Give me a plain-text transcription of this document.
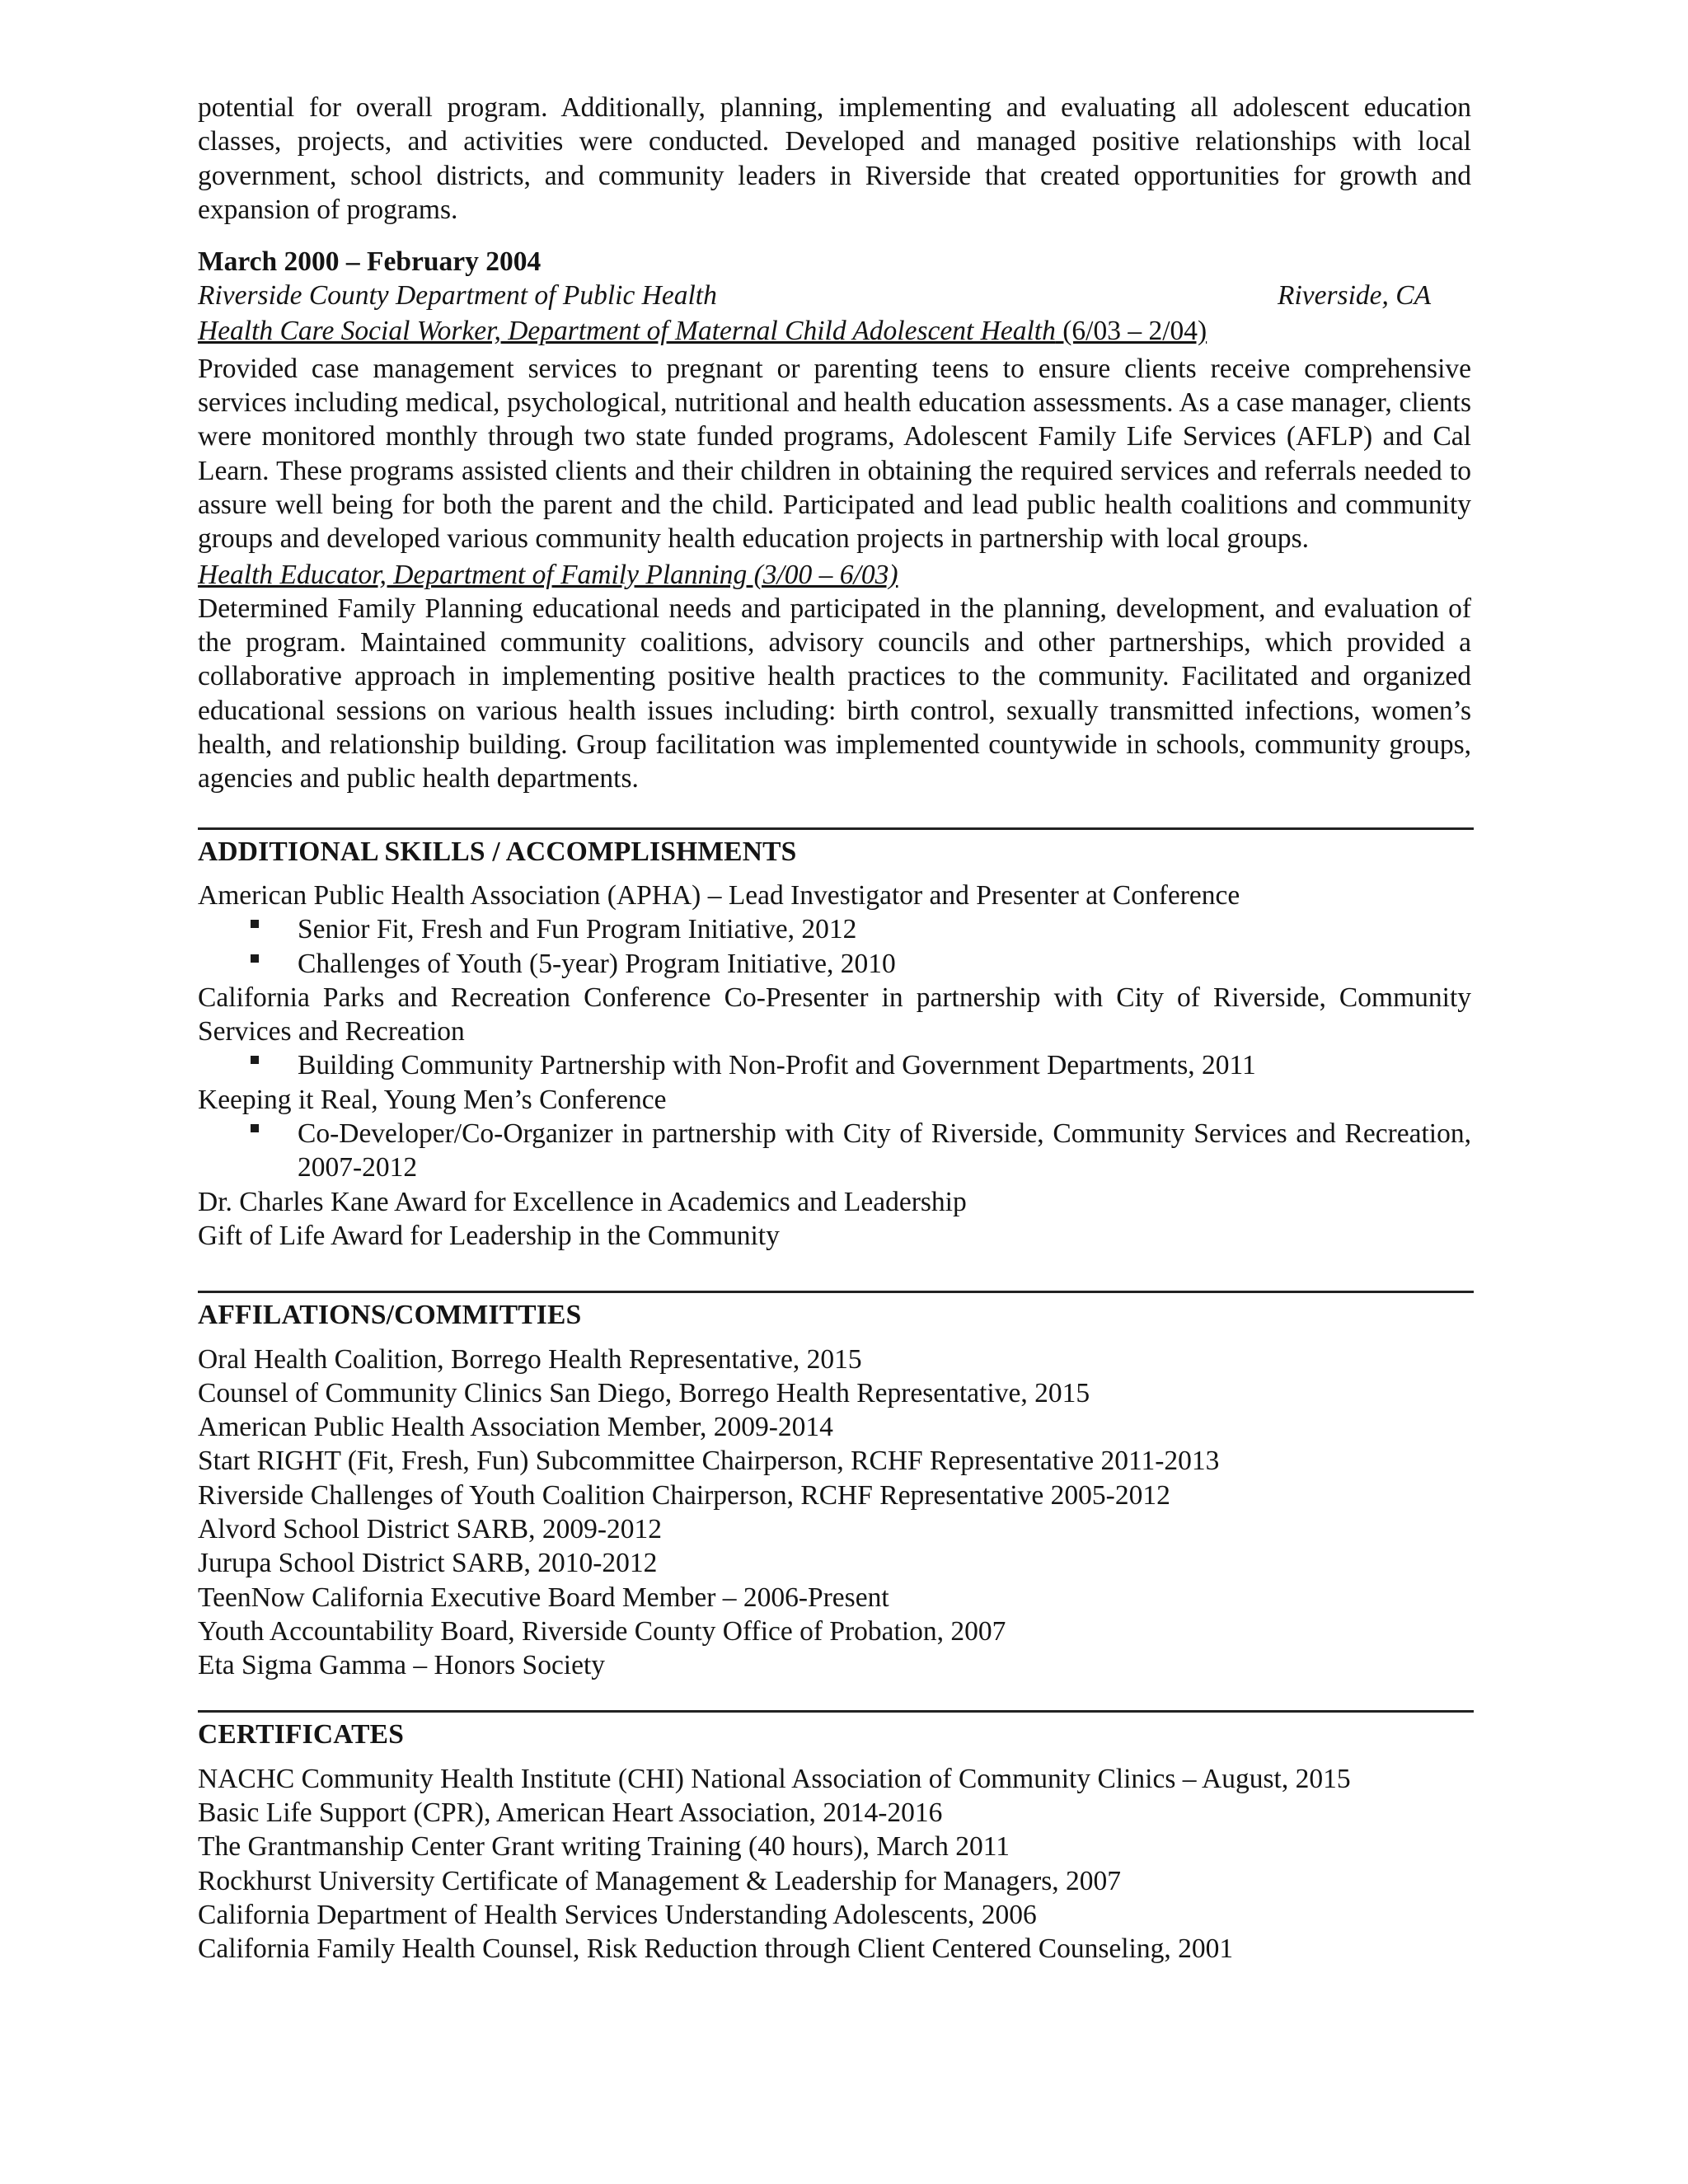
potential for overall program. Additionally, planning, implementing and evaluating all adolescent education classes, projects, and activities were conducted. Developed and managed positive relationships with local government, school districts, and community leaders in Riverside that created opportunities for growth and expansion of programs.

March 2000 – February 2004

Riverside County Department of Public Health	Riverside, CA

Health Care Social Worker, Department of Maternal Child Adolescent Health (6/03 – 2/04)

Provided case management services to pregnant or parenting teens to ensure clients receive comprehensive services including medical, psychological, nutritional and health education assessments. As a case manager, clients were monitored monthly through two state funded programs, Adolescent Family Life Services (AFLP) and Cal Learn. These programs assisted clients and their children in obtaining the required services and referrals needed to assure well being for both the parent and the child. Participated and lead public health coalitions and community groups and developed various community health education projects in partnership with local groups.

Health Educator, Department of Family Planning (3/00 – 6/03)

Determined Family Planning educational needs and participated in the planning, development, and evaluation of the program. Maintained community coalitions, advisory councils and other partnerships, which provided a collaborative approach in implementing positive health practices to the community. Facilitated and organized educational sessions on various health issues including: birth control, sexually transmitted infections, women’s health, and relationship building. Group facilitation was implemented countywide in schools, community groups, agencies and public health departments.

ADDITIONAL SKILLS / ACCOMPLISHMENTS

American Public Health Association (APHA) – Lead Investigator and Presenter at Conference

Senior Fit, Fresh and Fun Program Initiative, 2012
Challenges of Youth (5-year) Program Initiative, 2010

California Parks and Recreation Conference Co-Presenter in partnership with City of Riverside, Community Services and Recreation

Building Community Partnership with Non-Profit and Government Departments, 2011

Keeping it Real, Young Men’s Conference

Co-Developer/Co-Organizer in partnership with City of Riverside, Community Services and Recreation, 2007-2012

Dr. Charles Kane Award for Excellence in Academics and Leadership

Gift of Life Award for Leadership in the Community

AFFILATIONS/COMMITTIES

Oral Health Coalition, Borrego Health Representative, 2015

Counsel of Community Clinics San Diego, Borrego Health Representative, 2015

American Public Health Association Member, 2009-2014

Start RIGHT (Fit, Fresh, Fun) Subcommittee Chairperson, RCHF Representative 2011-2013

Riverside Challenges of Youth Coalition Chairperson, RCHF Representative 2005-2012

Alvord School District SARB, 2009-2012

Jurupa School District SARB, 2010-2012

TeenNow California Executive Board Member – 2006-Present

Youth Accountability Board, Riverside County Office of Probation, 2007

Eta Sigma Gamma – Honors Society

CERTIFICATES

NACHC Community Health Institute (CHI) National Association of Community Clinics – August, 2015

Basic Life Support (CPR), American Heart Association, 2014-2016

The Grantmanship Center Grant writing Training (40 hours), March 2011

Rockhurst University Certificate of Management & Leadership for Managers, 2007

California Department of Health Services Understanding Adolescents, 2006

California Family Health Counsel, Risk Reduction through Client Centered Counseling, 2001
